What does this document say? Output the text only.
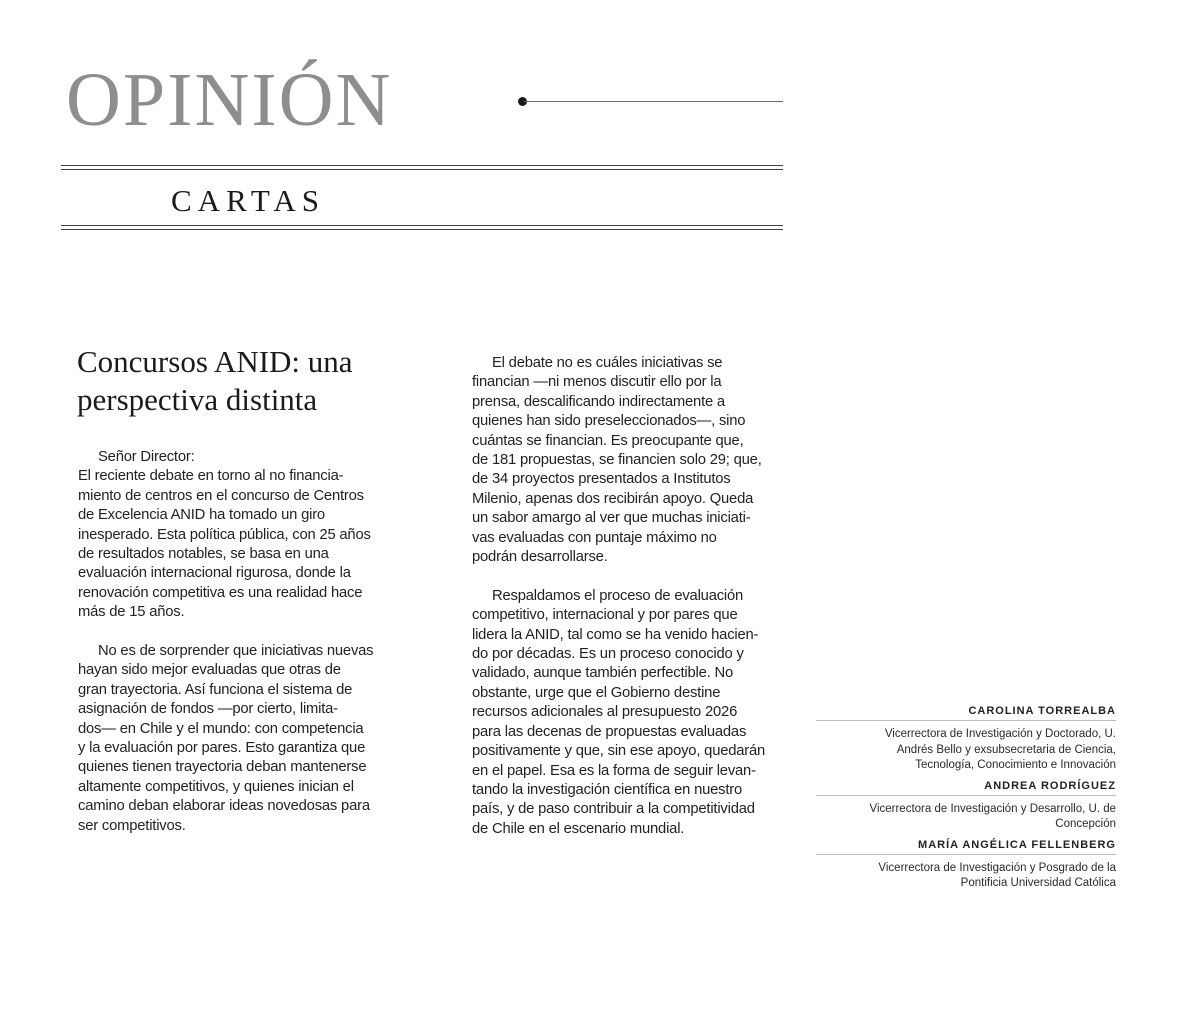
OPINIÓN
CARTAS
Concursos ANID: una
perspectiva distinta
Señor Director:
El reciente debate en torno al no financia-
miento de centros en el concurso de Centros
de Excelencia ANID ha tomado un giro
inesperado. Esta política pública, con 25 años
de resultados notables, se basa en una
evaluación internacional rigurosa, donde la
renovación competitiva es una realidad hace
más de 15 años.
No es de sorprender que iniciativas nuevas
hayan sido mejor evaluadas que otras de
gran trayectoria. Así funciona el sistema de
asignación de fondos —por cierto, limita-
dos— en Chile y el mundo: con competencia
y la evaluación por pares. Esto garantiza que
quienes tienen trayectoria deban mantenerse
altamente competitivos, y quienes inician el
camino deban elaborar ideas novedosas para
ser competitivos.
El debate no es cuáles iniciativas se
financian —ni menos discutir ello por la
prensa, descalificando indirectamente a
quienes han sido preseleccionados—, sino
cuántas se financian. Es preocupante que,
de 181 propuestas, se financien solo 29; que,
de 34 proyectos presentados a Institutos
Milenio, apenas dos recibirán apoyo. Queda
un sabor amargo al ver que muchas iniciati-
vas evaluadas con puntaje máximo no
podrán desarrollarse.
Respaldamos el proceso de evaluación
competitivo, internacional y por pares que
lidera la ANID, tal como se ha venido hacien-
do por décadas. Es un proceso conocido y
validado, aunque también perfectible. No
obstante, urge que el Gobierno destine
recursos adicionales al presupuesto 2026
para las decenas de propuestas evaluadas
positivamente y que, sin ese apoyo, quedarán
en el papel. Esa es la forma de seguir levan-
tando la investigación científica en nuestro
país, y de paso contribuir a la competitividad
de Chile en el escenario mundial.
CAROLINA TORREALBA
Vicerrectora de Investigación y Doctorado, U.
Andrés Bello y exsubsecretaria de Ciencia,
Tecnología, Conocimiento e Innovación
ANDREA RODRÍGUEZ
Vicerrectora de Investigación y Desarrollo, U. de
Concepción
MARÍA ANGÉLICA FELLENBERG
Vicerrectora de Investigación y Posgrado de la
Pontificia Universidad Católica
